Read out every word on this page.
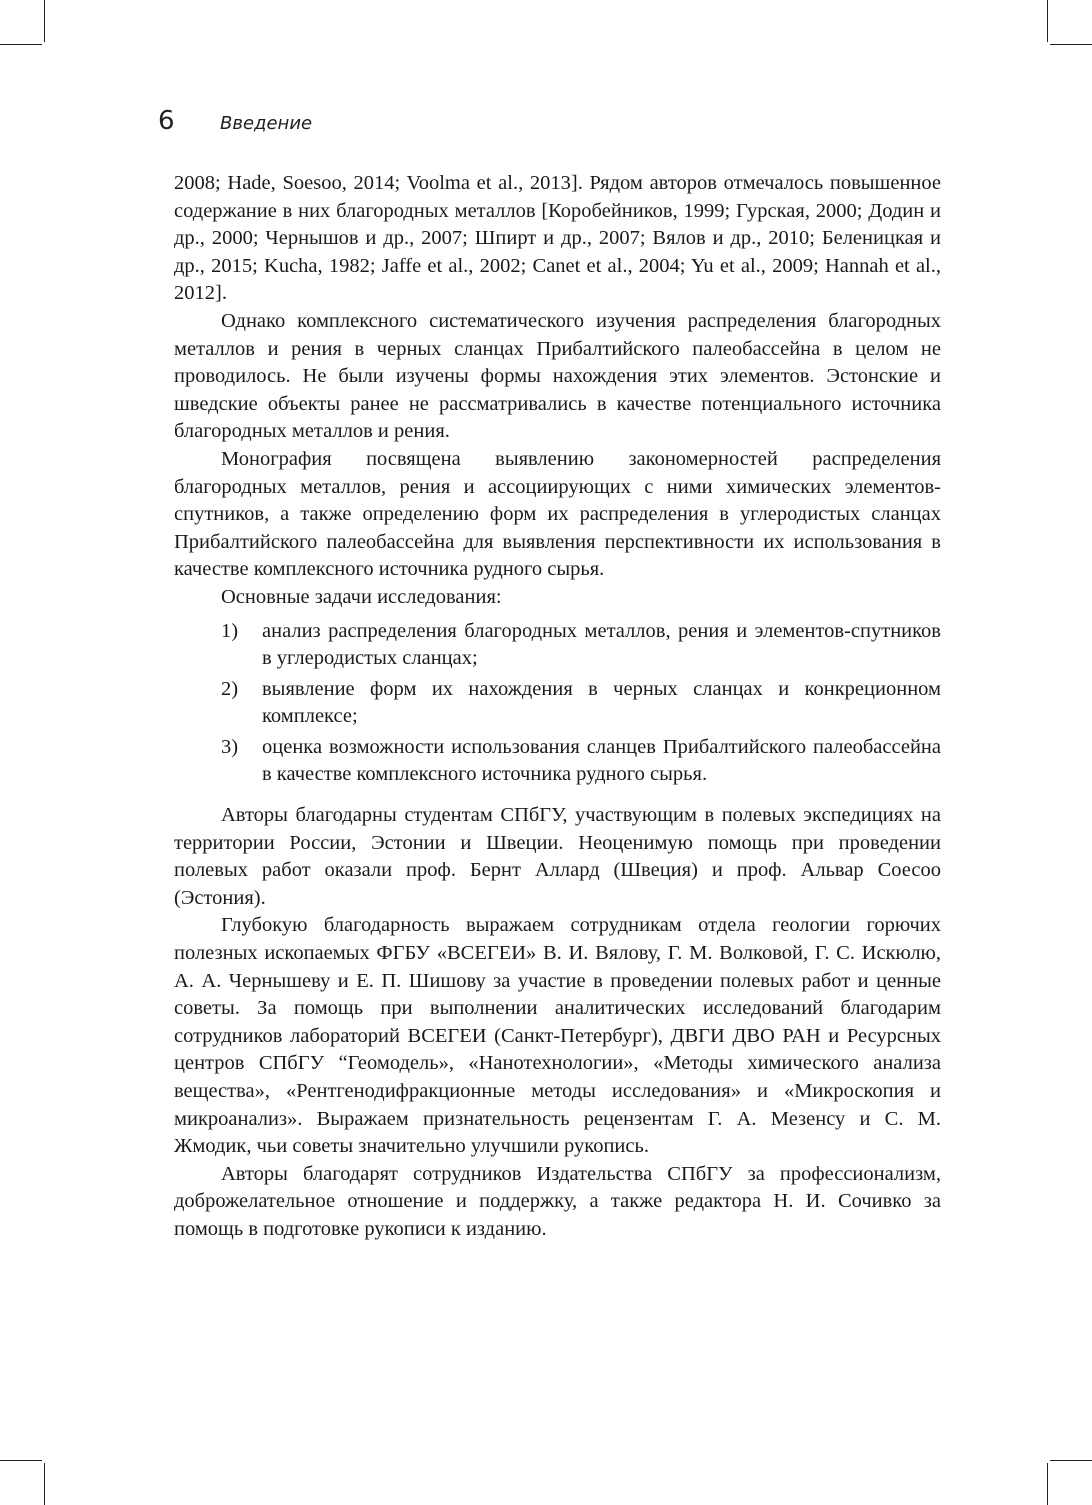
6	Введение

2008; Hade, Soesoo, 2014; Voolma et al., 2013]. Рядом авторов отмечалось повышенное содержание в них благородных металлов [Коробейников, 1999; Гурская, 2000; Додин и др., 2000; Чернышов и др., 2007; Шпирт и др., 2007; Вялов и др., 2010; Беленицкая и др., 2015; Kucha, 1982; Jaffe et al., 2002; Canet et al., 2004; Yu et al., 2009; Hannah et al., 2012].

Однако комплексного систематического изучения распределения благородных металлов и рения в черных сланцах Прибалтийского палеобассейна в целом не проводилось. Не были изучены формы нахождения этих элементов. Эстонские и шведские объекты ранее не рассматривались в качестве потенциального источника благородных металлов и рения.

Монография посвящена выявлению закономерностей распределения благородных металлов, рения и ассоциирующих с ними химических элементов-спутников, а также определению форм их распределения в углеродистых сланцах Прибалтийского палеобассейна для выявления перспективности их использования в качестве комплексного источника рудного сырья.

Основные задачи исследования:

1)	анализ распределения благородных металлов, рения и элементов-спутников в углеродистых сланцах;
2)	выявление форм их нахождения в черных сланцах и конкреционном комплексе;
3)	оценка возможности использования сланцев Прибалтийского палеобассейна в качестве комплексного источника рудного сырья.

Авторы благодарны студентам СПбГУ, участвующим в полевых экспедициях на территории России, Эстонии и Швеции. Неоценимую помощь при проведении полевых работ оказали проф. Бернт Аллард (Швеция) и проф. Альвар Соесоо (Эстония).

Глубокую благодарность выражаем сотрудникам отдела геологии горючих полезных ископаемых ФГБУ «ВСЕГЕИ» В. И. Вялову, Г. М. Волковой, Г. С. Искюлю, А. А. Чернышеву и Е. П. Шишову за участие в проведении полевых работ и ценные советы. За помощь при выполнении аналитических исследований благодарим сотрудников лабораторий ВСЕГЕИ (Санкт-Петербург), ДВГИ ДВО РАН и Ресурсных центров СПбГУ “Геомодель», «Нанотехнологии», «Методы химического анализа вещества», «Рентгенодифракционные методы исследования» и «Микроскопия и микроанализ». Выражаем признательность рецензентам Г. А. Мезенсу и С. М. Жмодик, чьи советы значительно улучшили рукопись.

Авторы благодарят сотрудников Издательства СПбГУ за профессионализм, доброжелательное отношение и поддержку, а также редактора Н. И. Сочивко за помощь в подготовке рукописи к изданию.
